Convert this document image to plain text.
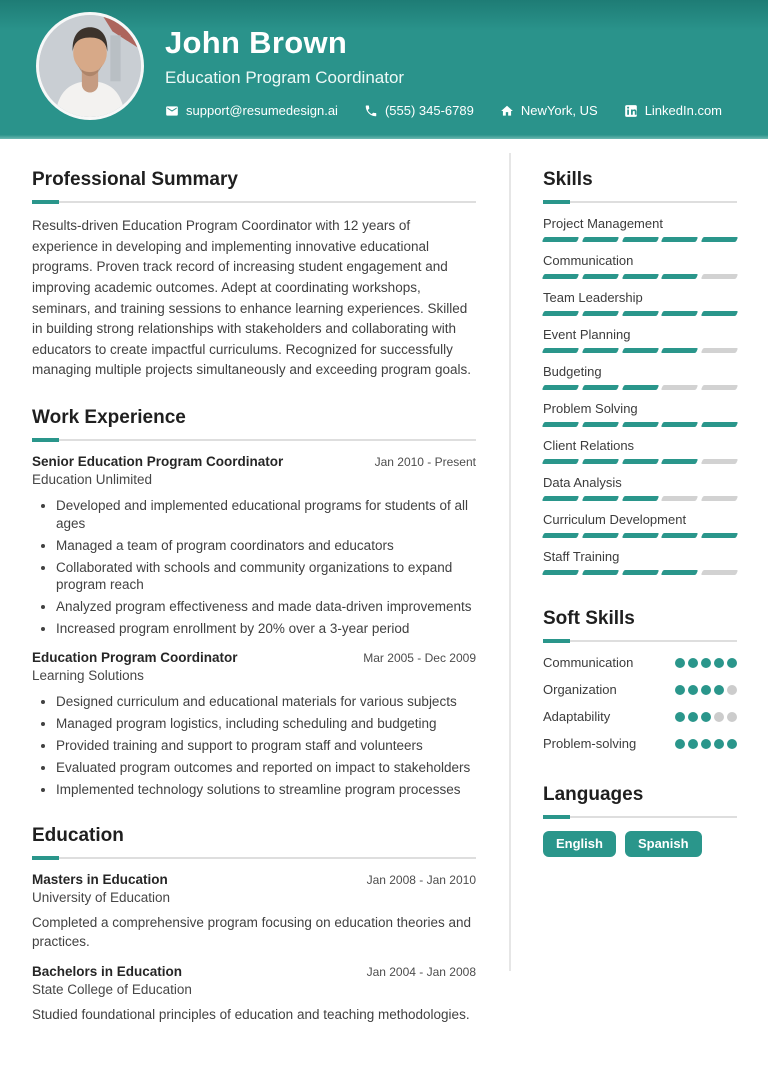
John Brown
Education Program Coordinator
support@resumedesign.ai	(555) 345-6789	NewYork, US	LinkedIn.com
Professional Summary

Results-driven Education Program Coordinator with 12 years of experience in developing and implementing innovative educational programs. Proven track record of increasing student engagement and improving academic outcomes. Adept at coordinating workshops, seminars, and training sessions to enhance learning experiences. Skilled in building strong relationships with stakeholders and collaborating with educators to create impactful curriculums. Recognized for successfully managing multiple projects simultaneously and exceeding program goals.

Work Experience
Senior Education Program Coordinator	Jan 2010 - Present
Education Unlimited
• Developed and implemented educational programs for students of all ages
• Managed a team of program coordinators and educators
• Collaborated with schools and community organizations to expand program reach
• Analyzed program effectiveness and made data-driven improvements
• Increased program enrollment by 20% over a 3-year period
Education Program Coordinator	Mar 2005 - Dec 2009
Learning Solutions
• Designed curriculum and educational materials for various subjects
• Managed program logistics, including scheduling and budgeting
• Provided training and support to program staff and volunteers
• Evaluated program outcomes and reported on impact to stakeholders
• Implemented technology solutions to streamline program processes
Education
Masters in Education	Jan 2008 - Jan 2010
University of Education
Completed a comprehensive program focusing on education theories and practices.
Bachelors in Education	Jan 2004 - Jan 2008
State College of Education
Studied foundational principles of education and teaching methodologies.
Skills
Project Management
Communication
Team Leadership
Event Planning
Budgeting
Problem Solving
Client Relations
Data Analysis
Curriculum Development
Staff Training
Soft Skills
Communication
Organization
Adaptability
Problem-solving
Languages
English	Spanish
